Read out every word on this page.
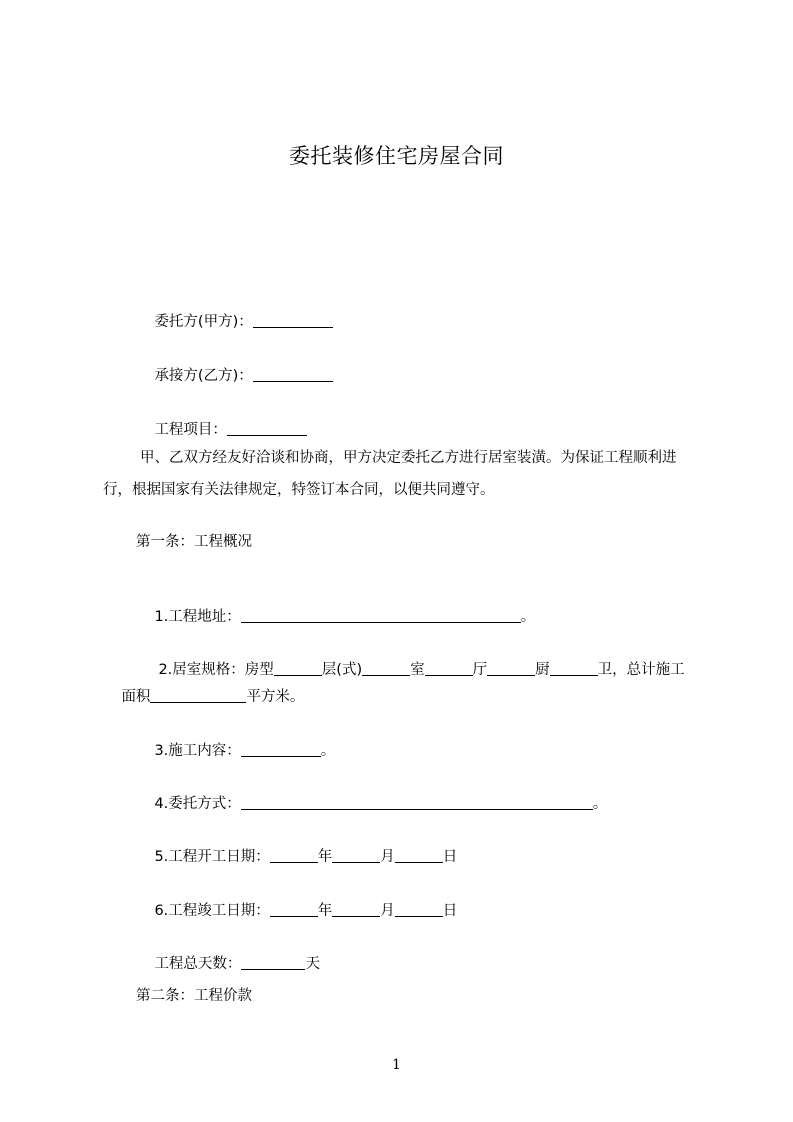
委托装修住宅房屋合同

委托方(甲方)：

承接方(乙方)：

工程项目：

甲、乙双方经友好洽谈和协商，甲方决定委托乙方进行居室装潢。为保证工程顺利进行，根据国家有关法律规定，特签订本合同，以便共同遵守。
第一条：工程概况

1.工程地址：	。

2.居室规格：房型	层(式)	室	厅	厨	卫，总计施工

面积	平方米。

3.施工内容：	。

4.委托方式：	。

5.工程开工日期：	年	月	日

6.工程竣工日期：	年	月	日

工程总天数：	天

第二条：工程价款
1
